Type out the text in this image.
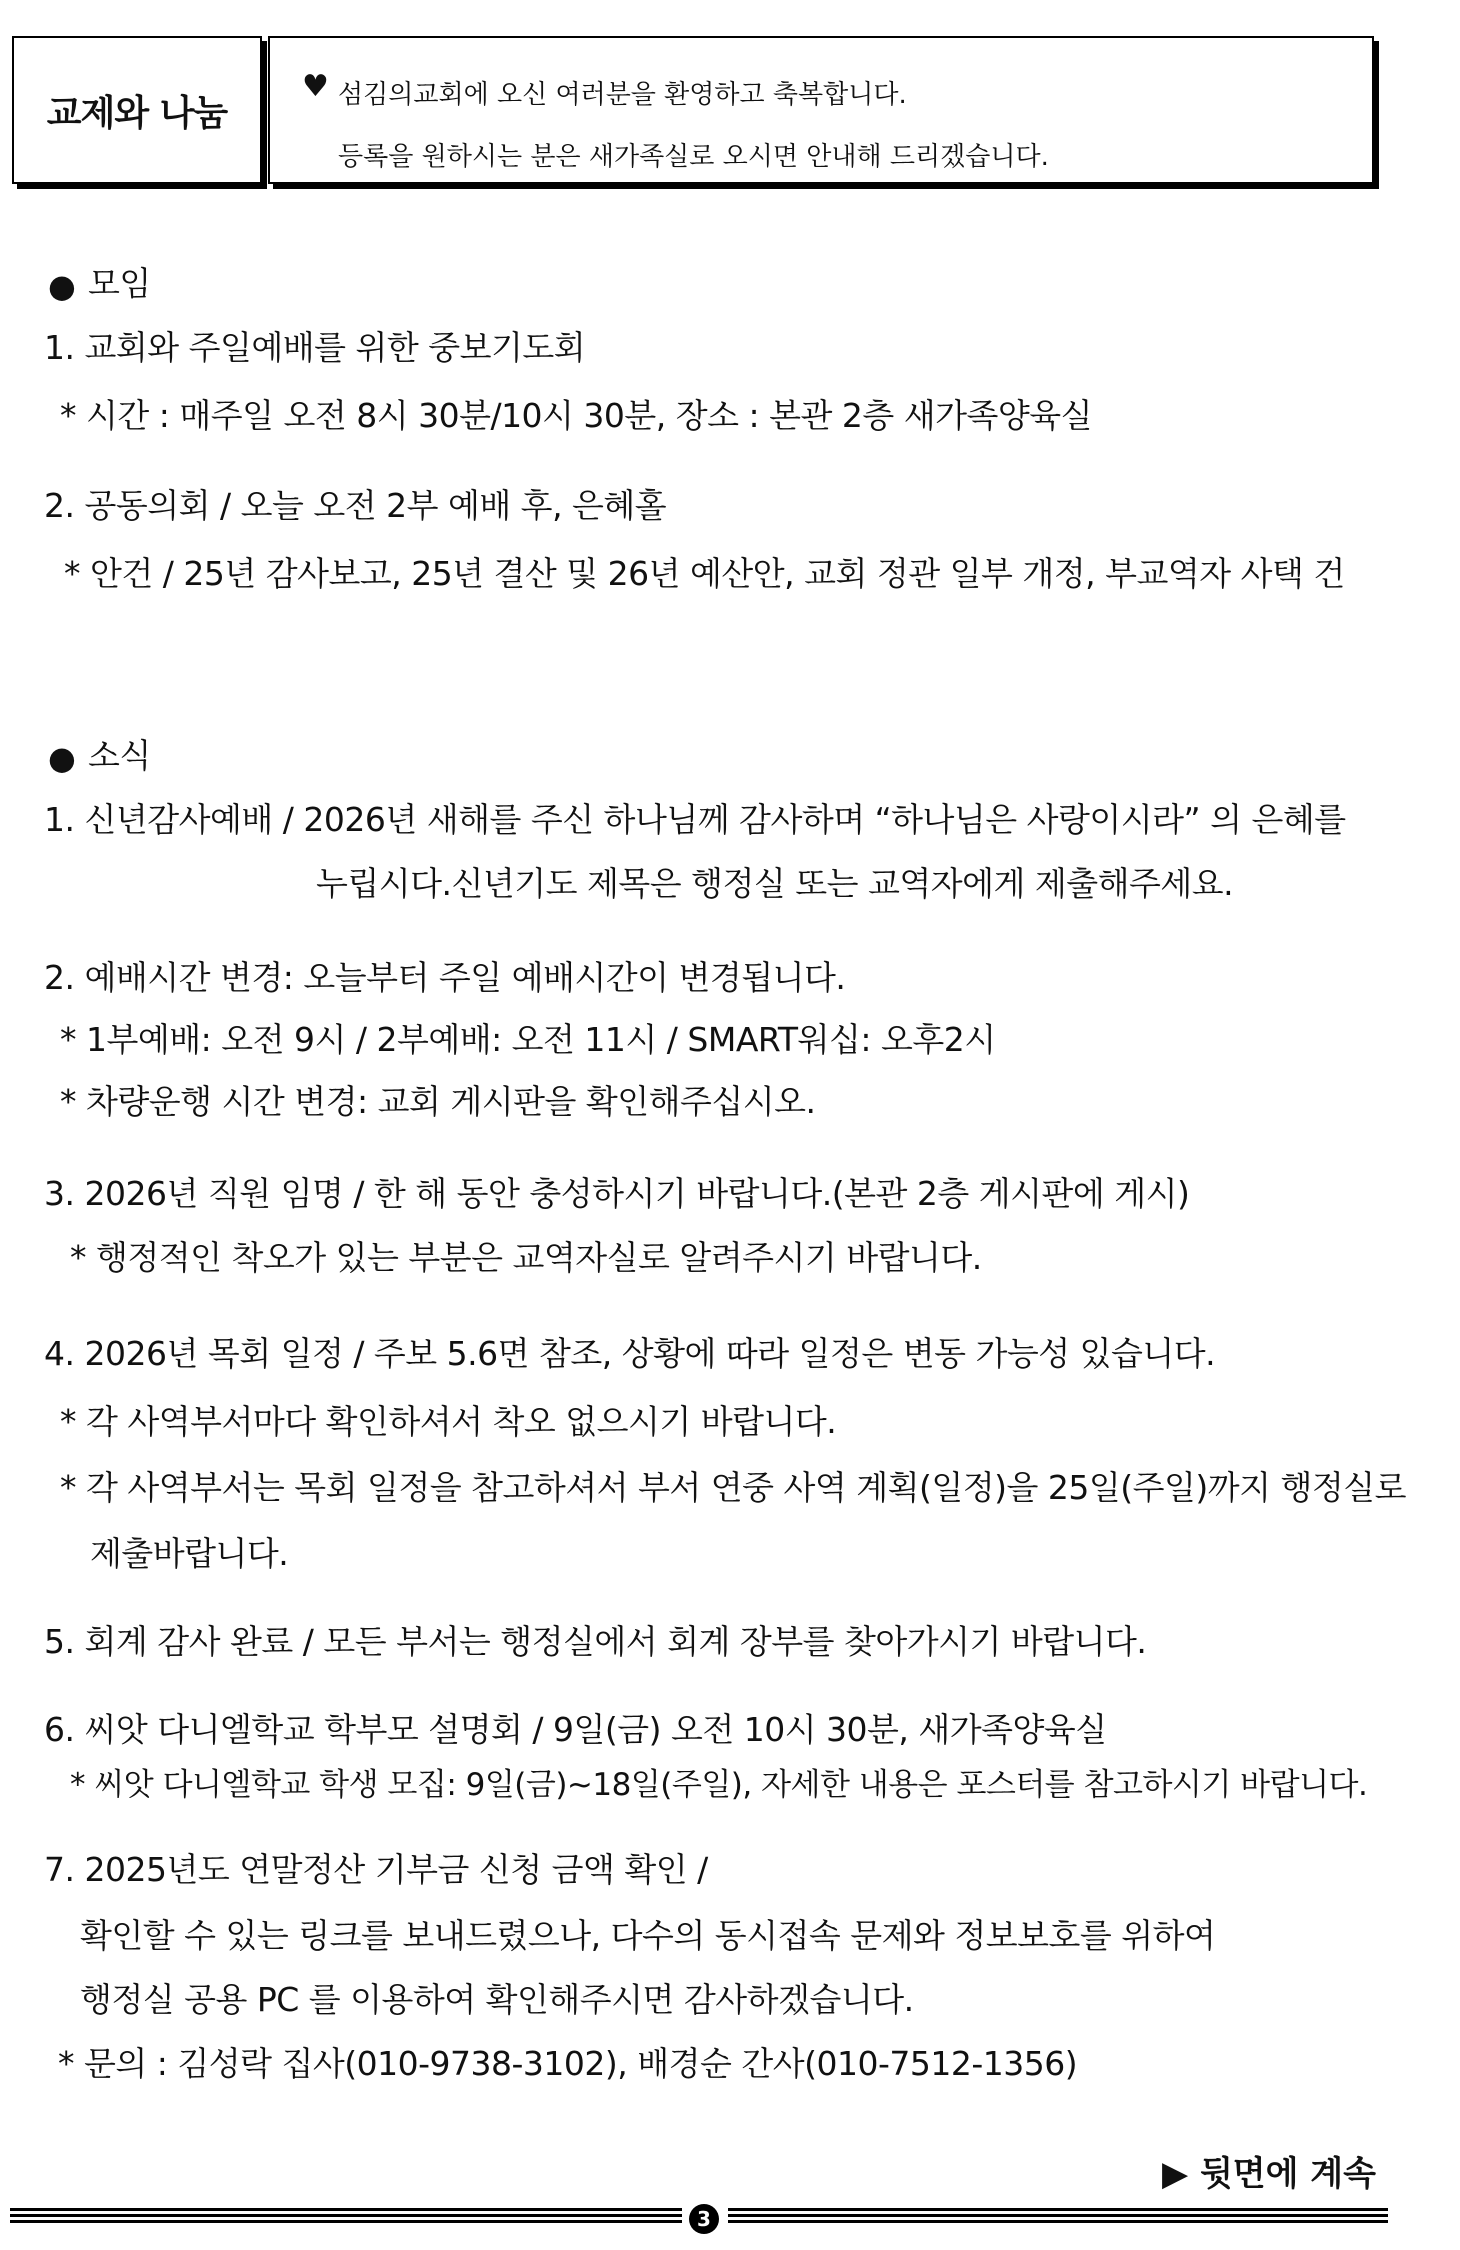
교제와 나눔
♥ 섬김의교회에 오신 여러분을 환영하고 축복합니다.
등록을 원하시는 분은 새가족실로 오시면 안내해 드리겠습니다.
● 모임
1. 교회와 주일예배를 위한 중보기도회
* 시간 : 매주일 오전 8시 30분/10시 30분, 장소 : 본관 2층 새가족양육실
2. 공동의회 / 오늘 오전 2부 예배 후, 은혜홀
* 안건 / 25년 감사보고, 25년 결산 및 26년 예산안, 교회 정관 일부 개정, 부교역자 사택 건
● 소식
1. 신년감사예배 / 2026년 새해를 주신 하나님께 감사하며 “하나님은 사랑이시라” 의 은혜를
누립시다.신년기도 제목은 행정실 또는 교역자에게 제출해주세요.
2. 예배시간 변경: 오늘부터 주일 예배시간이 변경됩니다.
* 1부예배: 오전 9시 / 2부예배: 오전 11시 / SMART워십: 오후2시
* 차량운행 시간 변경: 교회 게시판을 확인해주십시오.
3. 2026년 직원 임명 / 한 해 동안 충성하시기 바랍니다.(본관 2층 게시판에 게시)
* 행정적인 착오가 있는 부분은 교역자실로 알려주시기 바랍니다.
4. 2026년 목회 일정 / 주보 5.6면 참조, 상황에 따라 일정은 변동 가능성 있습니다.
* 각 사역부서마다 확인하셔서 착오 없으시기 바랍니다.
* 각 사역부서는 목회 일정을 참고하셔서 부서 연중 사역 계획(일정)을 25일(주일)까지 행정실로
제출바랍니다.
5. 회계 감사 완료 / 모든 부서는 행정실에서 회계 장부를 찾아가시기 바랍니다.
6. 씨앗 다니엘학교 학부모 설명회 / 9일(금) 오전 10시 30분, 새가족양육실
* 씨앗 다니엘학교 학생 모집: 9일(금)~18일(주일), 자세한 내용은 포스터를 참고하시기 바랍니다.
7. 2025년도 연말정산 기부금 신청 금액 확인 /
확인할 수 있는 링크를 보내드렸으나, 다수의 동시접속 문제와 정보보호를 위하여
행정실 공용 PC 를 이용하여 확인해주시면 감사하겠습니다.
* 문의 : 김성락 집사(010-9738-3102), 배경순 간사(010-7512-1356)
▶ 뒷면에 계속
3
